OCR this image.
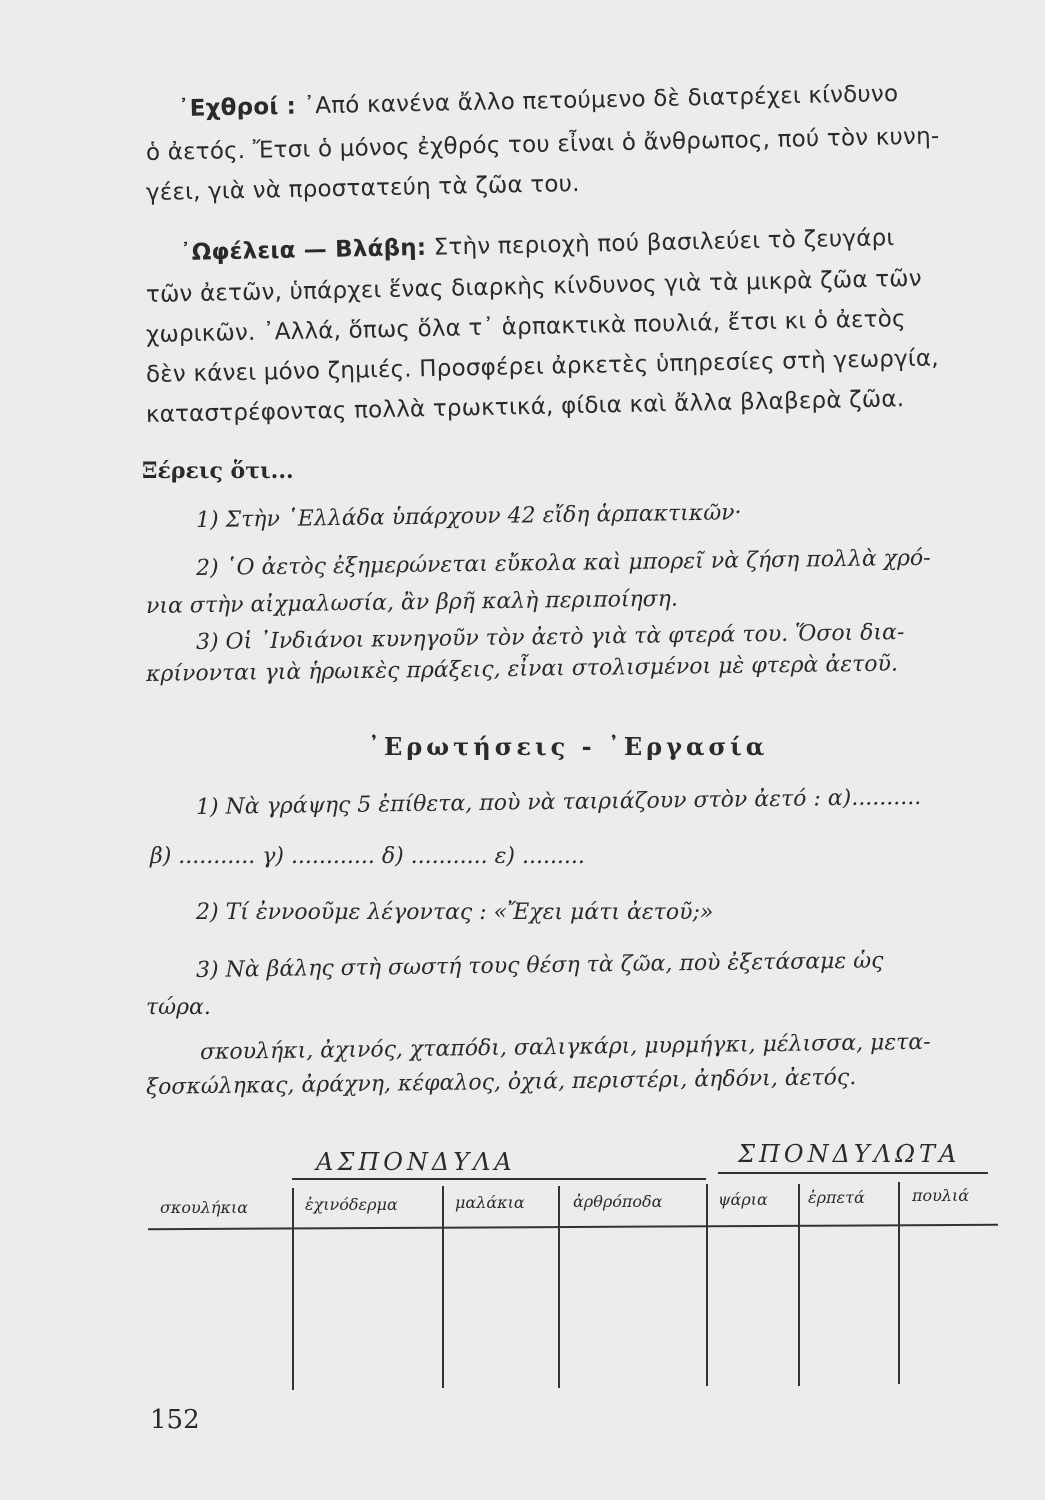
᾿Εχθροί : ᾿Από κανένα ἄλλο πετούμενο δὲ διατρέχει κίνδυνο
ὁ ἀετός. Ἔτσι ὁ μόνος ἐχθρός του εἶναι ὁ ἄνθρωπος, πού τὸν κυνη-
γέει, γιὰ νὰ προστατεύη τὰ ζῶα του.
᾿Ωφέλεια — Βλάβη: Στὴν περιοχὴ πού βασιλεύει τὸ ζευγάρι
τῶν ἀετῶν, ὑπάρχει ἕνας διαρκὴς κίνδυνος γιὰ τὰ μικρὰ ζῶα τῶν
χωρικῶν. ᾿Αλλά, ὅπως ὅλα τ᾿ ἁρπακτικὰ πουλιά, ἔτσι κι ὁ ἀετὸς
δὲν κάνει μόνο ζημιές. Προσφέρει ἀρκετὲς ὑπηρεσίες στὴ γεωργία,
καταστρέφοντας πολλὰ τρωκτικά, φίδια καὶ ἄλλα βλαβερὰ ζῶα.
Ξέρεις ὅτι...
1) Στὴν ῾Ελλάδα ὑπάρχουν 42 εἴδη ἁρπακτικῶν·
2) ῾Ο ἀετὸς ἐξημερώνεται εὔκολα καὶ μπορεῖ νὰ ζήση πολλὰ χρό-
νια στὴν αἰχμαλωσία, ἂν βρῆ καλὴ περιποίηση.
3) Οἱ ᾿Ινδιάνοι κυνηγοῦν τὸν ἀετὸ γιὰ τὰ φτερά του. Ὅσοι δια-
κρίνονται γιὰ ἡρωικὲς πράξεις, εἶναι στολισμένοι μὲ φτερὰ ἀετοῦ.
᾿Ερωτήσεις - ᾿Εργασία
1) Νὰ γράψης 5 ἐπίθετα, ποὺ νὰ ταιριάζουν στὸν ἀετό : α)..........
β) ........... γ) ............ δ) ........... ε) .........
2) Τί ἐννοοῦμε λέγοντας : «Ἔχει μάτι ἀετοῦ;»
3) Νὰ βάλης στὴ σωστή τους θέση τὰ ζῶα, ποὺ ἐξετάσαμε ὡς
τώρα.
σκουλήκι, ἀχινός, χταπόδι, σαλιγκάρι, μυρμήγκι, μέλισσα, μετα-
ξοσκώληκας, ἀράχνη, κέφαλος, ὀχιά, περιστέρι, ἀηδόνι, ἀετός.
ΑΣΠΟΝΔΥΛΑ	ΣΠΟΝΔΥΛΩΤΑ
σκουλήκια	ἐχινόδερμα	μαλάκια	ἀρθρόποδα	ψάρια	ἑρπετά	πουλιά
152
